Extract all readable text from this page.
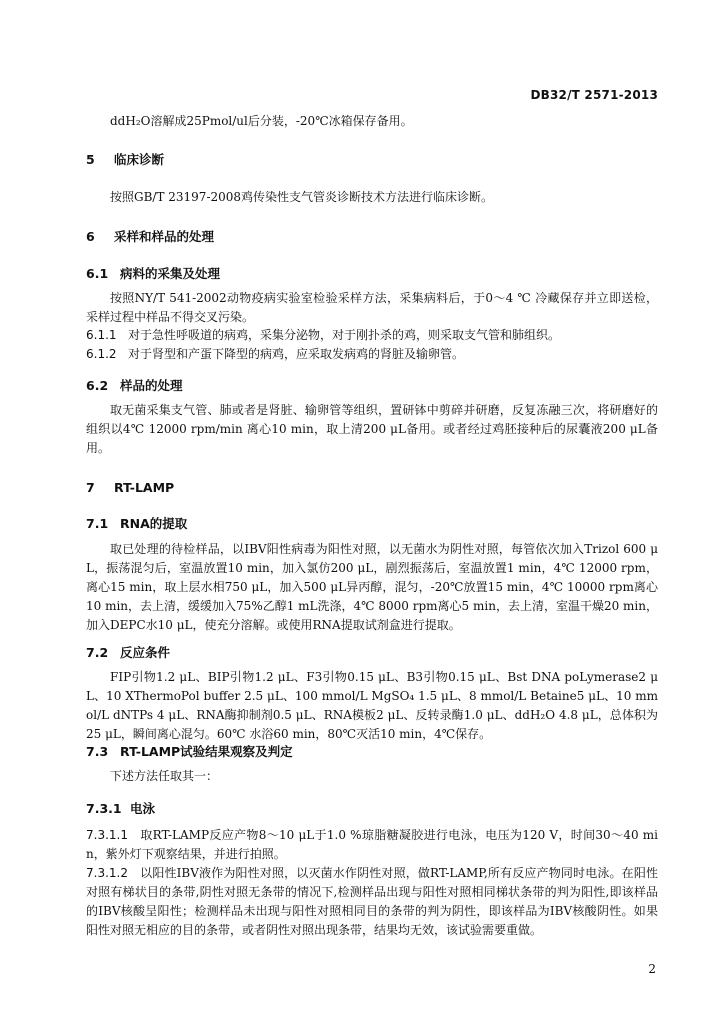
DB32/T 2571-2013
ddH₂O溶解成25Pmol/ul后分装，-20℃冰箱保存备用。
5 临床诊断
按照GB/T 23197-2008鸡传染性支气管炎诊断技术方法进行临床诊断。
6 采样和样品的处理
6.1 病料的采集及处理
按照NY/T 541-2002动物疫病实验室检验采样方法，采集病料后，于0～4 ℃ 冷藏保存并立即送检，采样过程中样品不得交叉污染。
6.1.1 对于急性呼吸道的病鸡，采集分泌物，对于刚扑杀的鸡，则采取支气管和肺组织。
6.1.2 对于肾型和产蛋下降型的病鸡，应采取发病鸡的肾脏及输卵管。
6.2 样品的处理
取无菌采集支气管、肺或者是肾脏、输卵管等组织，置研钵中剪碎并研磨，反复冻融三次，将研磨好的组织以4℃ 12000 rpm/min 离心10 min，取上清200 μL备用。或者经过鸡胚接种后的尿囊液200 μL备用。
7 RT-LAMP
7.1 RNA的提取
取已处理的待检样品，以IBV阳性病毒为阳性对照，以无菌水为阴性对照，每管依次加入Trizol 600 μL，振荡混匀后，室温放置10 min，加入氯仿200 μL，剧烈振荡后，室温放置1 min，4℃ 12000 rpm，离心15 min，取上层水相750 μL，加入500 μL异丙醇，混匀，-20℃放置15 min，4℃ 10000 rpm离心10 min，去上清，缓缓加入75%乙醇1 mL洗涤，4℃ 8000 rpm离心5 min，去上清，室温干燥20 min，加入DEPC水10 μL，使充分溶解。或使用RNA提取试剂盒进行提取。
7.2 反应条件
FIP引物1.2 μL、BIP引物1.2 μL、F3引物0.15 μL、B3引物0.15 μL、Bst DNA poLymerase2 μL、10 XThermoPol buffer 2.5 μL、100 mmol/L MgSO₄ 1.5 μL、8 mmol/L Betaine5 μL、10 mmol/L dNTPs 4 μL、RNA酶抑制剂0.5 μL、RNA模板2 μL、反转录酶1.0 μL、ddH₂O 4.8 μL，总体积为25 μL，瞬间离心混匀。60℃ 水浴60 min，80℃灭活10 min，4℃保存。
7.3 RT-LAMP试验结果观察及判定
下述方法任取其一：
7.3.1 电泳
7.3.1.1 取RT-LAMP反应产物8～10 μL于1.0 %琼脂糖凝胶进行电泳，电压为120 V，时间30～40 min，紫外灯下观察结果，并进行拍照。
7.3.1.2 以阳性IBV液作为阳性对照，以灭菌水作阴性对照，做RT-LAMP,所有反应产物同时电泳。在阳性对照有梯状目的条带,阴性对照无条带的情况下,检测样品出现与阳性对照相同梯状条带的判为阳性,即该样品的IBV核酸呈阳性；检测样品未出现与阳性对照相同目的条带的判为阴性，即该样品为IBV核酸阴性。如果阳性对照无相应的目的条带，或者阴性对照出现条带，结果均无效，该试验需要重做。
2
